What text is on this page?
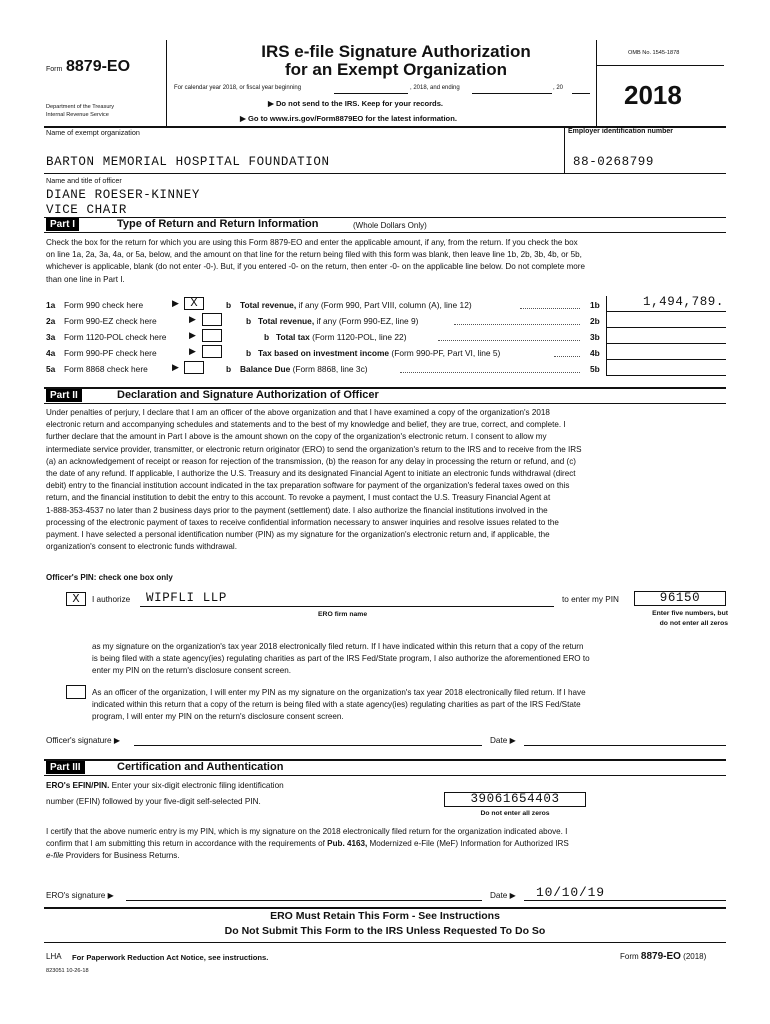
Form 8879-EO
Department of the Treasury
Internal Revenue Service
IRS e-file Signature Authorization
for an Exempt Organization
For calendar year 2018, or fiscal year beginning	, 2018, and ending	, 20
▶ Do not send to the IRS. Keep for your records.
▶ Go to www.irs.gov/Form8879EO for the latest information.
OMB No. 1545-1878
2018
Name of exempt organization	Employer identification number
BARTON MEMORIAL HOSPITAL FOUNDATION	88-0268799
Name and title of officer
DIANE ROESER-KINNEY
VICE CHAIR
Part I	Type of Return and Return Information	(Whole Dollars Only)
Check the box for the return for which you are using this Form 8879-EO and enter the applicable amount, if any, from the return. If you check the box
on line 1a, 2a, 3a, 4a, or 5a, below, and the amount on that line for the return being filed with this form was blank, then leave line 1b, 2b, 3b, 4b, or 5b,
whichever is applicable, blank (do not enter -0-). But, if you entered -0- on the return, then enter -0- on the applicable line below. Do not complete more
than one line in Part I.
1a Form 990 check here	▶ X	b Total revenue, if any (Form 990, Part VIII, column (A), line 12)	1b	1,494,789.
2a Form 990-EZ check here	▶	b Total revenue, if any (Form 990-EZ, line 9)	2b
3a Form 1120-POL check here	▶	b Total tax (Form 1120-POL, line 22)	3b
4a Form 990-PF check here	▶	b Tax based on investment income (Form 990-PF, Part VI, line 5)	4b
5a Form 8868 check here	▶	b Balance Due (Form 8868, line 3c)	5b
Part II	Declaration and Signature Authorization of Officer
Under penalties of perjury, I declare that I am an officer of the above organization and that I have examined a copy of the organization's 2018
electronic return and accompanying schedules and statements and to the best of my knowledge and belief, they are true, correct, and complete. I
further declare that the amount in Part I above is the amount shown on the copy of the organization's electronic return. I consent to allow my
intermediate service provider, transmitter, or electronic return originator (ERO) to send the organization's return to the IRS and to receive from the IRS
(a) an acknowledgement of receipt or reason for rejection of the transmission, (b) the reason for any delay in processing the return or refund, and (c)
the date of any refund. If applicable, I authorize the U.S. Treasury and its designated Financial Agent to initiate an electronic funds withdrawal (direct
debit) entry to the financial institution account indicated in the tax preparation software for payment of the organization's federal taxes owed on this
return, and the financial institution to debit the entry to this account. To revoke a payment, I must contact the U.S. Treasury Financial Agent at
1-888-353-4537 no later than 2 business days prior to the payment (settlement) date. I also authorize the financial institutions involved in the
processing of the electronic payment of taxes to receive confidential information necessary to answer inquiries and resolve issues related to the
payment. I have selected a personal identification number (PIN) as my signature for the organization's electronic return and, if applicable, the
organization's consent to electronic funds withdrawal.
Officer's PIN: check one box only
X	I authorize WIPFLI LLP
ERO firm name
to enter my PIN	96150
Enter five numbers, but
do not enter all zeros
as my signature on the organization's tax year 2018 electronically filed return. If I have indicated within this return that a copy of the return
is being filed with a state agency(ies) regulating charities as part of the IRS Fed/State program, I also authorize the aforementioned ERO to
enter my PIN on the return's disclosure consent screen.
As an officer of the organization, I will enter my PIN as my signature on the organization's tax year 2018 electronically filed return. If I have
indicated within this return that a copy of the return is being filed with a state agency(ies) regulating charities as part of the IRS Fed/State
program, I will enter my PIN on the return's disclosure consent screen.
Officer's signature ▶	Date ▶
Part III	Certification and Authentication
ERO's EFIN/PIN. Enter your six-digit electronic filing identification
number (EFIN) followed by your five-digit self-selected PIN.	39061654403
Do not enter all zeros
I certify that the above numeric entry is my PIN, which is my signature on the 2018 electronically filed return for the organization indicated above. I
confirm that I am submitting this return in accordance with the requirements of Pub. 4163, Modernized e-File (MeF) Information for Authorized IRS
e-file Providers for Business Returns.
ERO's signature ▶	Date ▶ 10/10/19
ERO Must Retain This Form - See Instructions
Do Not Submit This Form to the IRS Unless Requested To Do So
LHA For Paperwork Reduction Act Notice, see instructions.	Form 8879-EO (2018)
823051 10-26-18
